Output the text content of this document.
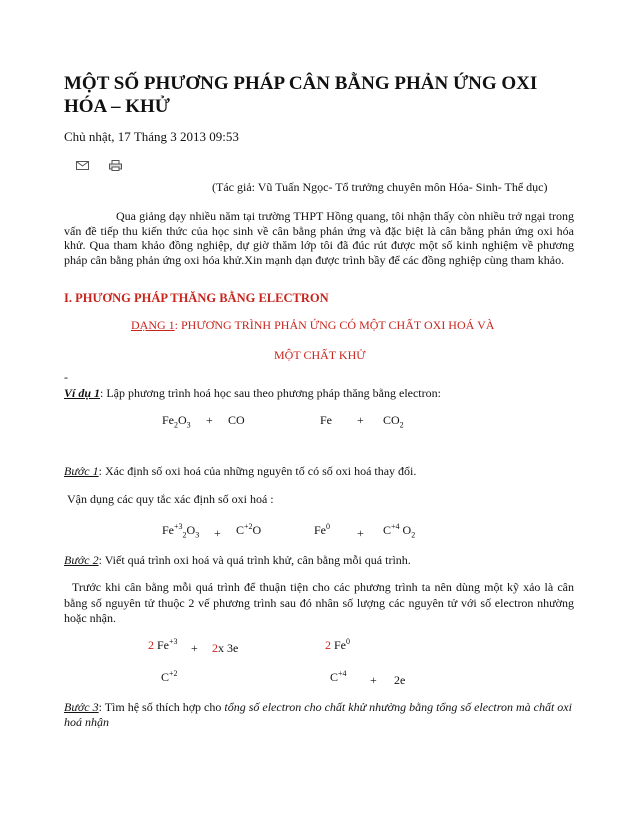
MỘT SỐ PHƯƠNG PHÁP CÂN BẰNG PHẢN ỨNG OXI HÓA – KHỬ
Chủ nhật, 17 Tháng 3 2013 09:53

(Tác giả: Vũ Tuấn Ngọc- Tổ trưởng chuyên môn Hóa- Sinh- Thể dục)
Qua giảng dạy nhiều năm tại trường THPT Hồng quang, tôi nhận thấy còn nhiều trở ngại trong vấn đề tiếp thu kiến thức của học sinh về cân bằng phản ứng và đặc biệt là cân bằng phản ứng oxi hóa khử. Qua tham khảo đồng nghiệp, dự giờ thăm lớp tôi đã đúc rút được một số kinh nghiệm về phương pháp cân bằng phản ứng oxi hóa khử.Xin mạnh dạn được trình bầy để các đồng nghiệp cùng tham khảo.
I. PHƯƠNG PHÁP THĂNG BẰNG ELECTRON
DẠNG 1: PHƯƠNG TRÌNH PHẢN ỨNG CÓ MỘT CHẤT OXI HOÁ VÀ
MỘT CHẤT KHỬ
-
Ví dụ 1: Lập phương trình hoá học sau theo phương pháp thăng bằng electron:
$Fe_2O_3$ + CO	$Fe + CO_2$
Bước 1: Xác định số oxi hoá của những nguyên tố có số oxi hoá thay đổi.
Vận dụng các quy tắc xác định số oxi hoá :
$Fe^{+3}_2O_3 + C^{+2}O$	$Fe^0 + C^{+4}$ $O_2$
Bước 2: Viết quá trình oxi hoá và quá trình khử, cân bằng mỗi quá trình.
Trước khi cân bằng mỗi quá trình để thuận tiện cho các phương trình ta nên dùng một kỹ xảo là cân bằng số nguyên tử thuộc 2 vế phương trình sau đó nhân số lượng các nguyên tử với số electron nhường hoặc nhận.
2 $Fe^{+3} + 2x$ 3e	2 Fe$^0$
$C^{+2}$	$C^{+4} + 2e$
Bước 3: Tìm hệ số thích hợp cho tổng số electron cho chất khử nhường bằng tổng số electron mà chất oxi hoá nhận
